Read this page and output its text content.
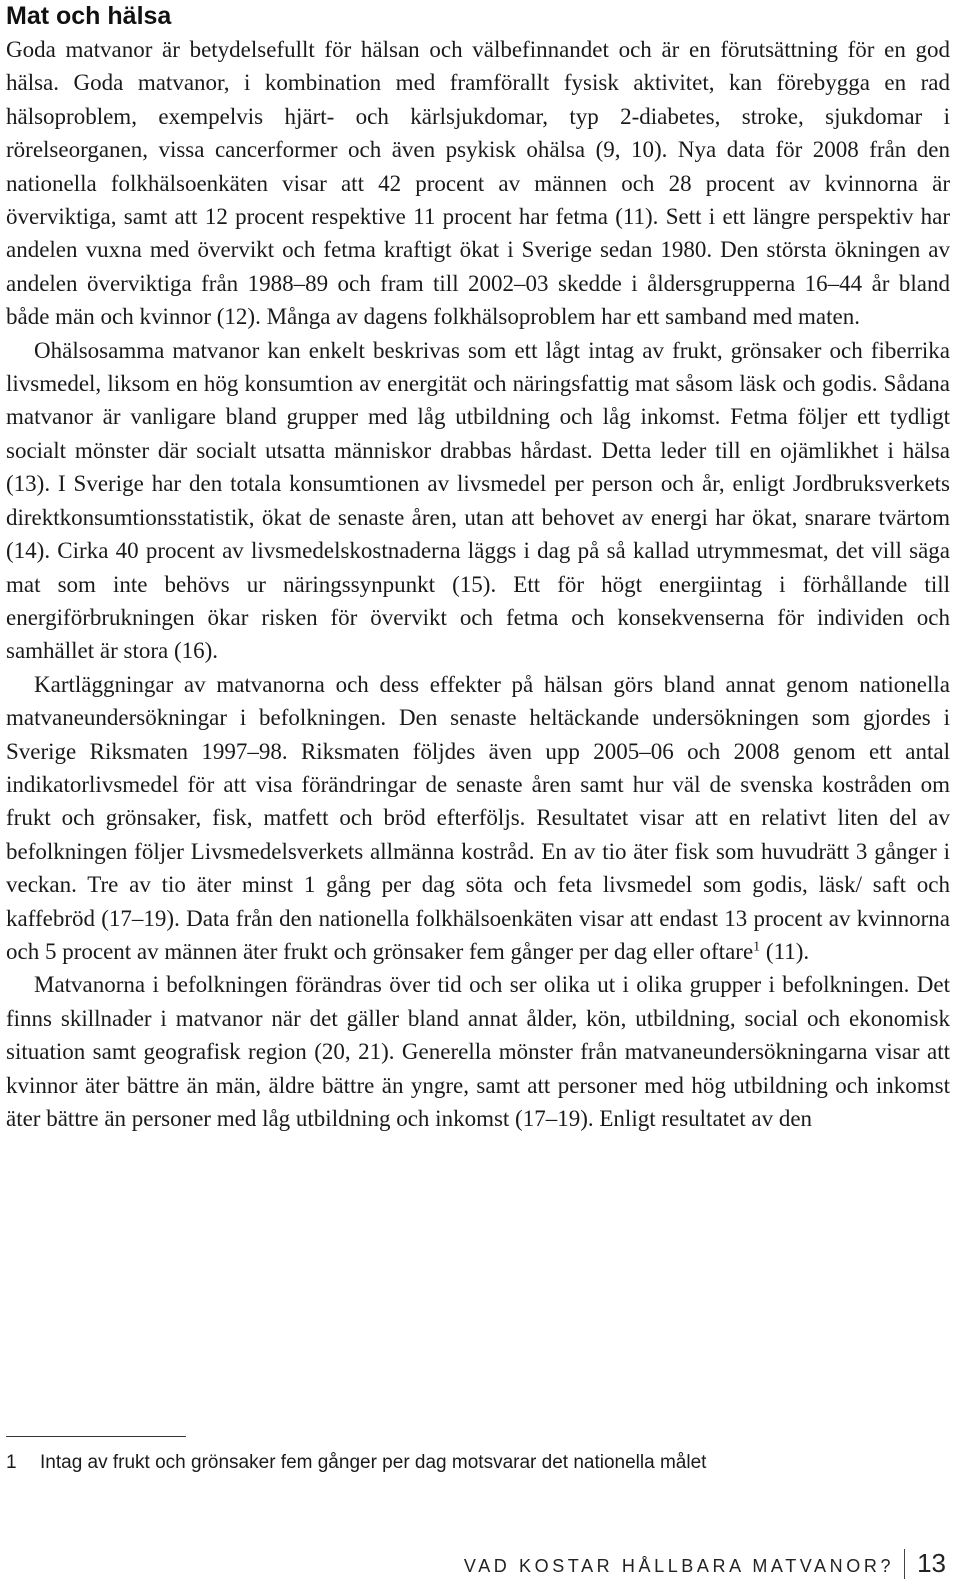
Mat och hälsa

Goda matvanor är betydelsefullt för hälsan och välbefinnandet och är en förutsättning för en god hälsa. Goda matvanor, i kombination med framförallt fysisk aktivitet, kan förebygga en rad hälsoproblem, exempelvis hjärt- och kärlsjukdomar, typ 2-diabetes, stroke, sjukdomar i rörelseorganen, vissa cancerformer och även psykisk ohälsa (9, 10). Nya data för 2008 från den nationella folkhälsoenkäten visar att 42 procent av männen och 28 procent av kvinnorna är överviktiga, samt att 12 procent respektive 11 procent har fetma (11). Sett i ett längre perspektiv har andelen vuxna med övervikt och fetma kraftigt ökat i Sverige sedan 1980. Den största ökningen av andelen överviktiga från 1988–89 och fram till 2002–03 skedde i åldersgrupperna 16–44 år bland både män och kvinnor (12). Många av dagens folkhälsoproblem har ett samband med maten.

Ohälsosamma matvanor kan enkelt beskrivas som ett lågt intag av frukt, grönsaker och fiberrika livsmedel, liksom en hög konsumtion av energität och näringsfattig mat såsom läsk och godis. Sådana matvanor är vanligare bland grupper med låg utbildning och låg inkomst. Fetma följer ett tydligt socialt mönster där socialt utsatta människor drabbas hårdast. Detta leder till en ojämlikhet i hälsa (13). I Sverige har den totala konsumtionen av livsmedel per person och år, enligt Jordbruksverkets direktkonsumtionsstatistik, ökat de senaste åren, utan att behovet av energi har ökat, snarare tvärtom (14). Cirka 40 procent av livsmedelskostnaderna läggs i dag på så kallad utrymmesmat, det vill säga mat som inte behövs ur näringssynpunkt (15). Ett för högt energiintag i förhållande till energiförbrukningen ökar risken för övervikt och fetma och konsekvenserna för individen och samhället är stora (16).

Kartläggningar av matvanorna och dess effekter på hälsan görs bland annat genom nationella matvaneundersökningar i befolkningen. Den senaste heltäckande undersökningen som gjordes i Sverige Riksmaten 1997–98. Riksmaten följdes även upp 2005–06 och 2008 genom ett antal indikatorlivsmedel för att visa förändringar de senaste åren samt hur väl de svenska kostråden om frukt och grönsaker, fisk, matfett och bröd efterföljs. Resultatet visar att en relativt liten del av befolkningen följer Livsmedelsverkets allmänna kostråd. En av tio äter fisk som huvudrätt 3 gånger i veckan. Tre av tio äter minst 1 gång per dag söta och feta livsmedel som godis, läsk/ saft och kaffebröd (17–19). Data från den nationella folkhälsoenkäten visar att endast 13 procent av kvinnorna och 5 procent av männen äter frukt och grönsaker fem gånger per dag eller oftare$^1$ (11).

Matvanorna i befolkningen förändras över tid och ser olika ut i olika grupper i befolkningen. Det finns skillnader i matvanor när det gäller bland annat ålder, kön, utbildning, social och ekonomisk situation samt geografisk region (20, 21). Generella mönster från matvaneundersökningarna visar att kvinnor äter bättre än män, äldre bättre än yngre, samt att personer med hög utbildning och inkomst äter bättre än personer med låg utbildning och inkomst (17–19). Enligt resultatet av den

1	Intag av frukt och grönsaker fem gånger per dag motsvarar det nationella målet
VAD KOSTAR HÅLLBARA MATVANOR? 13
